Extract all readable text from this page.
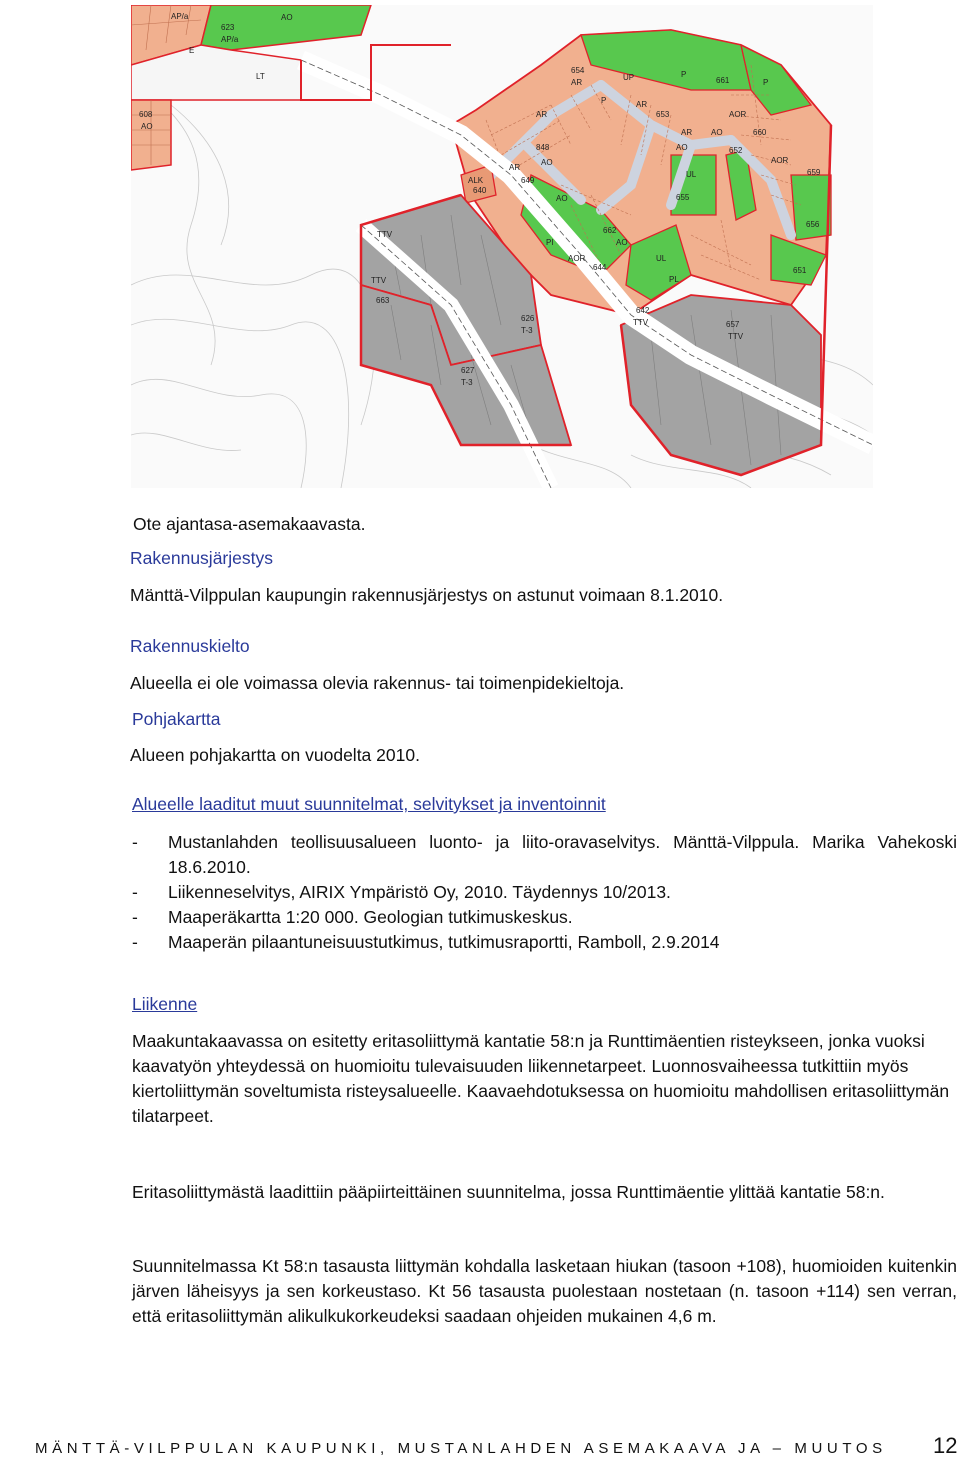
623
AP/a
AO
AP/a
E
LT
608
AO
654
AR
UP	P
661	P
P
653
AR
AOR
AR
848
AO
AR AO
AO
660
652
ALK
640
649
AR
UL
AOR
659
AO	655
656
TTV
PI
662
AO
AOR	UL
644
TTV
663
PL
651
626
T-3
642
TTV	657
TTV
627
T-3
Ote ajantasa-asemakaavasta.
Rakennusjärjestys
Mänttä-Vilppulan kaupungin rakennusjärjestys on astunut voimaan 8.1.2010.
Rakennuskielto
Alueella ei ole voimassa olevia rakennus- tai toimenpidekieltoja.
Pohjakartta
Alueen pohjakartta on vuodelta 2010.
Alueelle laaditut muut suunnitelmat, selvitykset ja inventoinnit
- Mustanlahden teollisuusalueen luonto- ja liito-oravaselvitys. Mänttä-Vilppula. Marika Vahekoski 18.6.2010.
- Liikenneselvitys, AIRIX Ympäristö Oy, 2010. Täydennys 10/2013.
- Maaperäkartta 1:20 000. Geologian tutkimuskeskus.
- Maaperän pilaantuneisuustutkimus, tutkimusraportti, Ramboll, 2.9.2014
Liikenne
Maakuntakaavassa on esitetty eritasoliittymä kantatie 58:n ja Runttimäentien risteykseen, jonka vuoksi kaavatyön yhteydessä on huomioitu tulevaisuuden liikennetarpeet. Luonnosvaiheessa tutkittiin myös kiertoliittymän soveltumista risteysalueelle. Kaavaehdotuksessa on huomioitu mahdollisen eritasoliittymän tilatarpeet.
Eritasoliittymästä laadittiin pääpiirteittäinen suunnitelma, jossa Runttimäentie ylittää kantatie 58:n.
Suunnitelmassa Kt 58:n tasausta liittymän kohdalla lasketaan hiukan (tasoon +108), huomioiden kuitenkin järven läheisyys ja sen korkeustaso. Kt 56 tasausta puolestaan nostetaan (n. tasoon +114) sen verran, että eritasoliittymän alikulkukorkeudeksi saadaan ohjeiden mukainen 4,6 m.
MÄNTTÄ-VILPPULAN KAUPUNKI, MUSTANLAHDEN ASEMAKAAVA JA – MUUTOS 12
